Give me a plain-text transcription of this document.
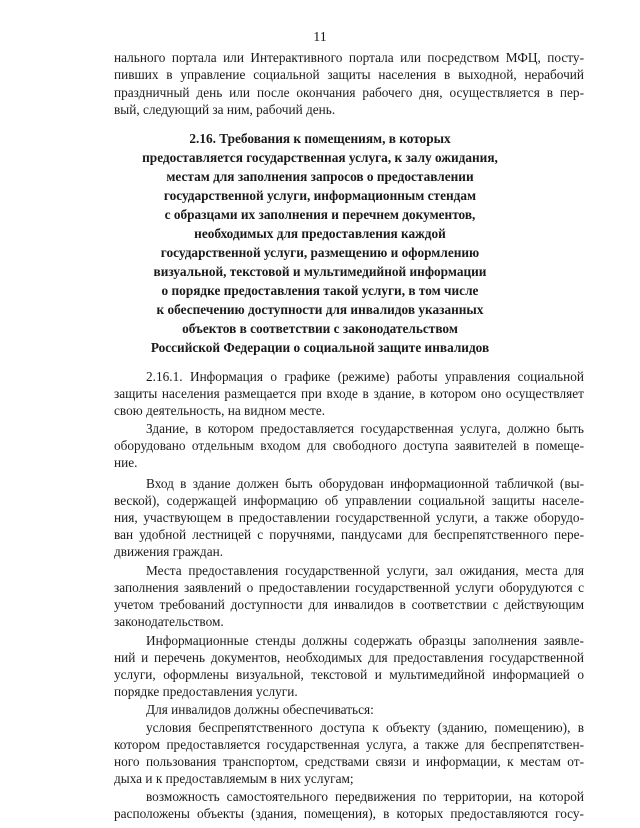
11
нального портала или Интерактивного портала или посредством МФЦ, посту-
пивших в управление социальной защиты населения в выходной, нерабочий
праздничный день или после окончания рабочего дня, осуществляется в пер-
вый, следующий за ним, рабочий день.
2.16. Требования к помещениям, в которых
предоставляется государственная услуга, к залу ожидания,
местам для заполнения запросов о предоставлении
государственной услуги, информационным стендам
с образцами их заполнения и перечнем документов,
необходимых для предоставления каждой
государственной услуги, размещению и оформлению
визуальной, текстовой и мультимедийной информации
о порядке предоставления такой услуги, в том числе
к обеспечению доступности для инвалидов указанных
объектов в соответствии с законодательством
Российской Федерации о социальной защите инвалидов
2.16.1. Информация о графике (режиме) работы управления социальной
защиты населения размещается при входе в здание, в котором оно осуществляет
свою деятельность, на видном месте.
Здание, в котором предоставляется государственная услуга, должно быть
оборудовано отдельным входом для свободного доступа заявителей в помеще-
ние.
Вход в здание должен быть оборудован информационной табличкой (вы-
веской), содержащей информацию об управлении социальной защиты населе-
ния, участвующем в предоставлении государственной услуги, а также оборудо-
ван удобной лестницей с поручнями, пандусами для беспрепятственного пере-
движения граждан.
Места предоставления государственной услуги, зал ожидания, места для
заполнения заявлений о предоставлении государственной услуги оборудуются с
учетом требований доступности для инвалидов в соответствии с действующим
законодательством.
Информационные стенды должны содержать образцы заполнения заявле-
ний и перечень документов, необходимых для предоставления государственной
услуги, оформлены визуальной, текстовой и мультимедийной информацией о
порядке предоставления услуги.
Для инвалидов должны обеспечиваться:
условия беспрепятственного доступа к объекту (зданию, помещению), в
котором предоставляется государственная услуга, а также для беспрепятствен-
ного пользования транспортом, средствами связи и информации, к местам от-
дыха и к предоставляемым в них услугам;
возможность самостоятельного передвижения по территории, на которой
расположены объекты (здания, помещения), в которых предоставляются госу-
